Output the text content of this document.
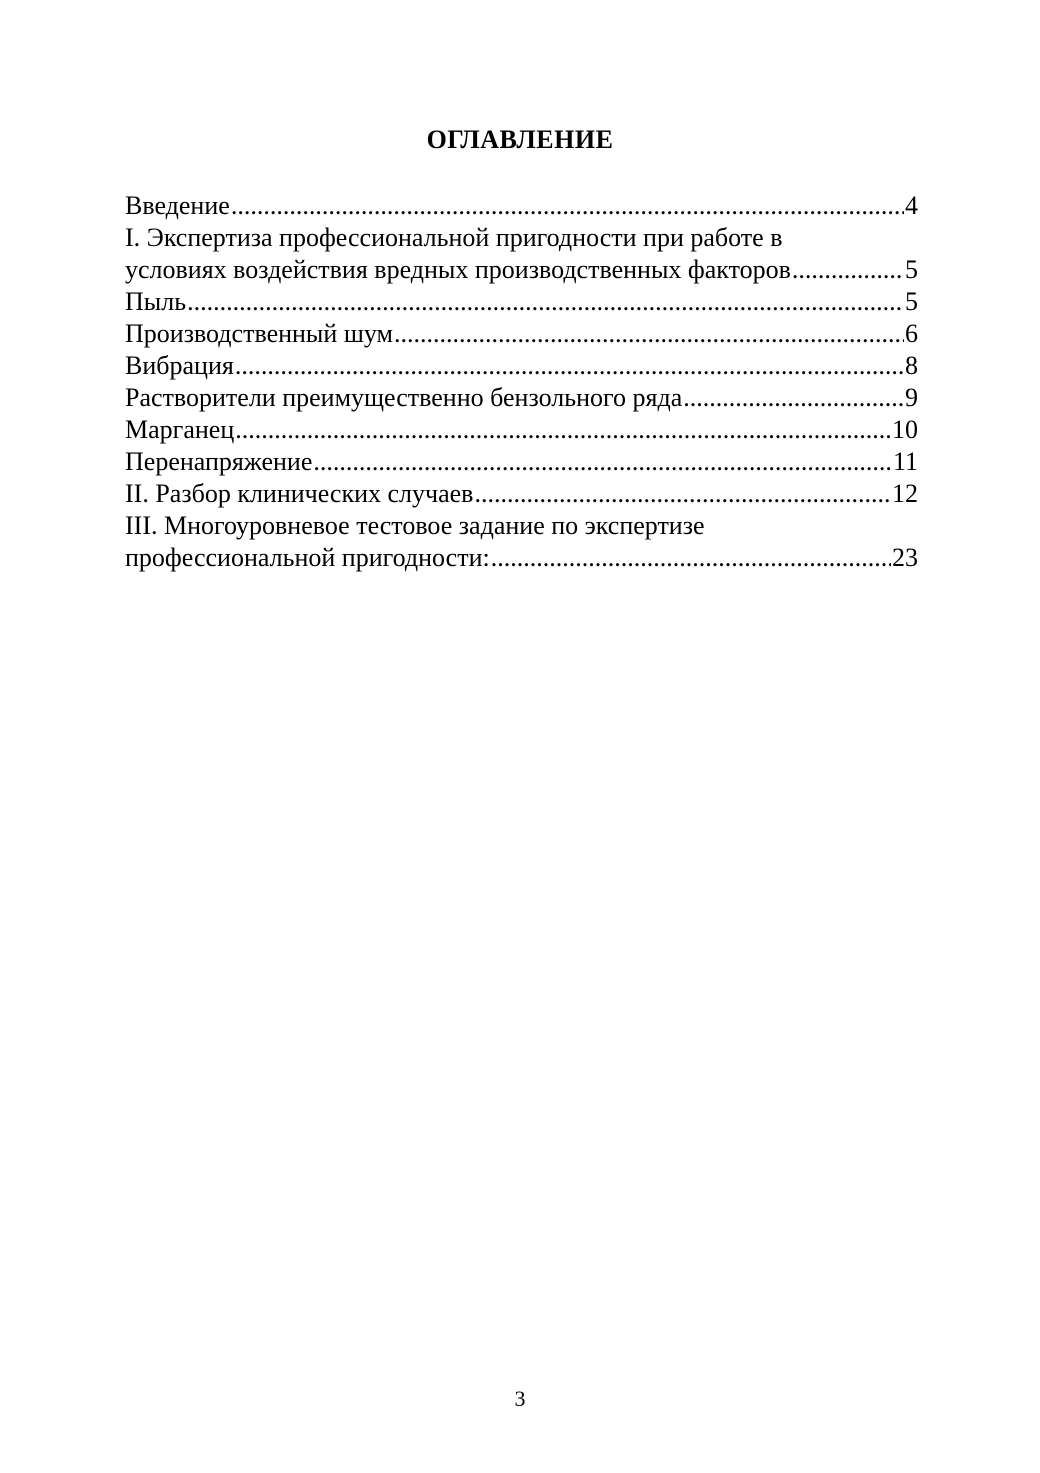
ОГЛАВЛЕНИЕ
Введение .....	4
I. Экспертиза профессиональной пригодности при работе в
условиях воздействия вредных производственных факторов .....	5
Пыль .....	5
Производственный шум .....	6
Вибрация .....	8
Растворители преимущественно бензольного ряда .....	9
Марганец .....	10
Перенапряжение .....	11
II. Разбор клинических случаев .....	12
III. Многоуровневое тестовое задание по экспертизе
профессиональной пригодности: .....	23
3
